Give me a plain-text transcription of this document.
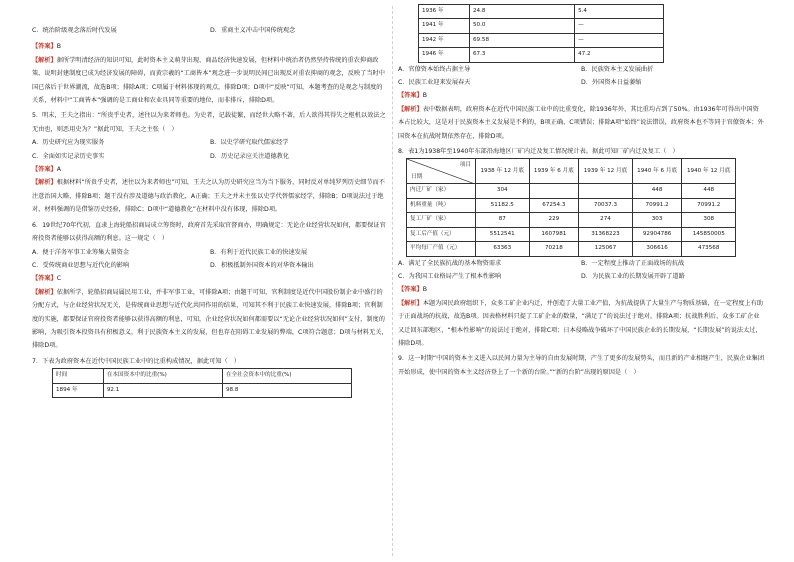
C．统治阶级观念落后时代发展	D．重商主义冲击中国传统观念

【答案】B

【解析】据所学明清经济的知识可知，此时资本主义萌芽出现、商品经济快速发展，但材料中统治者仍然坚持传统的重农抑商政策，说明封建制度已成为经济发展的障碍，而黄宗羲的“工商皆本”观念进一步说明民间已出现反对重农抑商的观念，反映了当时中国已落后于世界潮流，故选B项；排除A项；C项属于材料体现的观点，排除D项；D项中“反映”可知，本题考查的是观念与制度的关系，材料中“工商皆本”强调的是工商业和农业具同等重要的地位，而非排斥，排除D项。

5．明末，王夫之指出：“所贵乎史者，述往以为来者师也。为史者，记载徒繁，而经世大略不著，后人欲得其得失之枢机以效法之无由也，则恶用史为？”据此可知，王夫之主张（　）

A．历史研究应为现实服务	B．以史学研究取代儒家经学
C．全面如实记录历史事实	D．历史记录应关注道德教化

【答案】A

【解析】根据材料“所贵乎史者，述往以为来者师也”可知，王夫之认为历史研究应当为当下服务，同时反对单纯罗列历史细节而不注意治国大略，排除B项；题干没有涉及道德与政治教化，A正确；王夫之并未主张以史学代替儒家经学，排除B；D项说法过于绝对，材料强调的是借鉴历史经验，排除C；D项中“道德教化”在材料中没有体现，排除D项。

6．19世纪70年代初，直隶上海轮船招商局成立筹资时，政府首先采取官督商办，明确规定：无论企业经营状况如何，都要保证官府投资者能够以获得高额的利息。这一规定（　）

A．便于洋务军事工业筹集大量资金	B．有利于近代民族工业的快速发展
C．受传统商业思想与近代化的影响	D．积极抵制外国资本的对华资本输出

【答案】C

【解析】依据所学，轮船招商局属民用工业，并非军事工业，可排除A项；由题干可知，官利制度是近代中国股份制企业中盛行的分配方式，与企业经营状况无关，是传统商业思想与近代化共同作用的结果，可知其不利于民族工业快速发展，排除B项；官利制度的实施，都要保证官府投资者能够以获得高额的利息，可知，企业经营状况如何都需要以“无论企业经营状况如何”支付，制度的影响，为吸引资本投资具有积极意义，利于民族资本主义的发展，但也存在阻碍工业发展的弊端，C项符合题意；D项与材料无关，排除D项。

7．下表为政府资本在近代中国民族工业中的比重构成情况，据此可知（　）

时间	在本国资本中的比重(%)	在全社会资本中的比重(%)
1894 年	92.1	98.8
1936 年	24.8	5.4
1941 年	50.0	—
1942 年	69.58	—
1946 年	67.3	47.2
A．官僚资本始终占据主导	B．民族资本主义发展曲折
C．民族工业迎来发展春天	D．外国资本日益萎缩

【答案】B

【解析】表中数据表明，政府资本在近代中国民族工业中的比重变化，除1936年外，其比重均占到了50%。由1936年可得出中国资本占比较大，这是对于民族资本主义发展是不利的，B项正确，C项错误；排除A项“始终”说法错误，政府资本也不等同于官僚资本；外国资本在抗战时期依然存在，排除D项。

8．表1为1938年至1940年东部沿海地区厂矿内迁及复工情况统计表。据此可知厂矿内迁及复工（　）

项目
日期	1938 年 12 月底	1939 年 6 月底	1939 年 12 月底	1940 年 6 月底	1940 年 12 月底
内迁厂矿（家）	304			448	448
机料重量（吨）	51182.5	67254.3	70037.3	70991.2	70991.2
复工厂矿（家）	87	229	274	303	308
复工后产值（元）	5512541	1607981	31368223	92904786	145850005
平均每厂产值（元）	63363	70218	125067	306616	473568
A．满足了全民族抗战的基本物资需求	B．一定程度上推动了正面战场的抗战
C．为我国工业格局产生了根本性影响	D．为民族工业的长期发展开辟了道路

【答案】B

【解析】本题为国民政府组织下，众多工矿企业内迁，并创造了大量工业产值，为抗战提供了大量生产与物质基础，在一定程度上有助于正面战场的抗战，故选B项。因表格材料只提了工矿企业的数量，“满足了”的说法过于绝对，排除A项；抗战胜利后，众多工矿企业又迁回东部地区，“根本性影响”的说法过于绝对，排除C项；日本侵略战争破坏了中国民族企业的长期发展，“长期发展”的说法太过，排除D项。

9．这一时期“中国的资本主义进入以民间力量为主导的自由发展时期，产生了更多的发展势头，而且新的产业相继产生，民族企业集团开始形成，使中国的资本主义经济登上了一个新的台阶。”“新的台阶”出现的原因是（　）
